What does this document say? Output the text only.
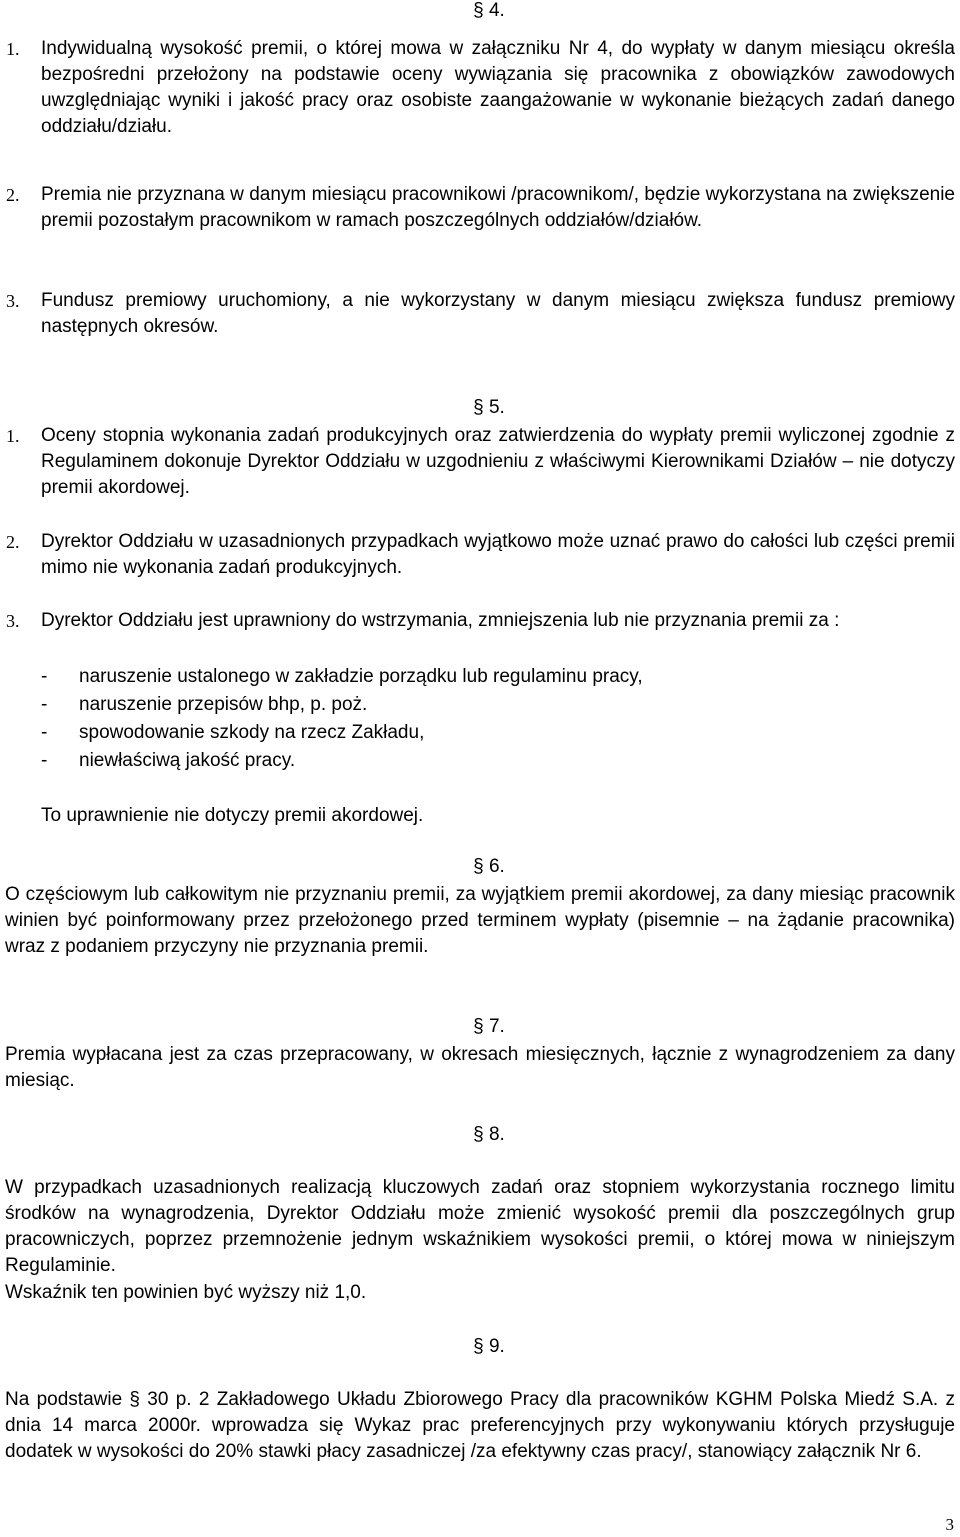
§ 4.
1. Indywidualną wysokość premii, o której mowa w załączniku Nr 4, do wypłaty w danym miesiącu określa bezpośredni przełożony na podstawie oceny wywiązania się pracownika z obowiązków zawodowych uwzględniając wyniki i jakość pracy oraz osobiste zaangażowanie w wykonanie bieżących zadań danego oddziału/działu.
2. Premia nie przyznana w danym miesiącu pracownikowi /pracownikom/, będzie wykorzystana na zwiększenie premii pozostałym pracownikom w ramach poszczególnych oddziałów/działów.
3. Fundusz premiowy uruchomiony, a nie wykorzystany w danym miesiącu zwiększa fundusz premiowy następnych okresów.
§ 5.
1. Oceny stopnia wykonania zadań produkcyjnych oraz zatwierdzenia do wypłaty premii wyliczonej zgodnie z Regulaminem dokonuje Dyrektor Oddziału w uzgodnieniu z właściwymi Kierownikami Działów – nie dotyczy premii akordowej.
2. Dyrektor Oddziału w uzasadnionych przypadkach wyjątkowo może uznać prawo do całości lub części premii mimo nie wykonania zadań produkcyjnych.
3. Dyrektor Oddziału jest uprawniony do wstrzymania, zmniejszenia lub nie przyznania premii za :
- naruszenie ustalonego w zakładzie porządku lub regulaminu pracy,
- naruszenie przepisów bhp, p. poż.
- spowodowanie szkody na rzecz Zakładu,
- niewłaściwą jakość pracy.
To uprawnienie nie dotyczy premii akordowej.
§ 6.
O częściowym lub całkowitym nie przyznaniu premii, za wyjątkiem premii akordowej, za dany miesiąc pracownik winien być poinformowany przez przełożonego przed terminem wypłaty (pisemnie – na żądanie pracownika) wraz z podaniem przyczyny nie przyznania premii.
§ 7.
Premia wypłacana jest za czas przepracowany, w okresach miesięcznych, łącznie z wynagrodzeniem za dany miesiąc.
§ 8.
W przypadkach uzasadnionych realizacją kluczowych zadań oraz stopniem wykorzystania rocznego limitu środków na wynagrodzenia, Dyrektor Oddziału może zmienić wysokość premii dla poszczególnych grup pracowniczych, poprzez przemnożenie jednym wskaźnikiem wysokości premii, o której mowa w niniejszym Regulaminie.
Wskaźnik ten powinien być wyższy niż 1,0.
§ 9.
Na podstawie § 30 p. 2 Zakładowego Układu Zbiorowego Pracy dla pracowników KGHM Polska Miedź S.A. z dnia 14 marca 2000r. wprowadza się Wykaz prac preferencyjnych przy wykonywaniu których przysługuje dodatek w wysokości do 20% stawki płacy zasadniczej /za efektywny czas pracy/, stanowiący załącznik Nr 6.
3
